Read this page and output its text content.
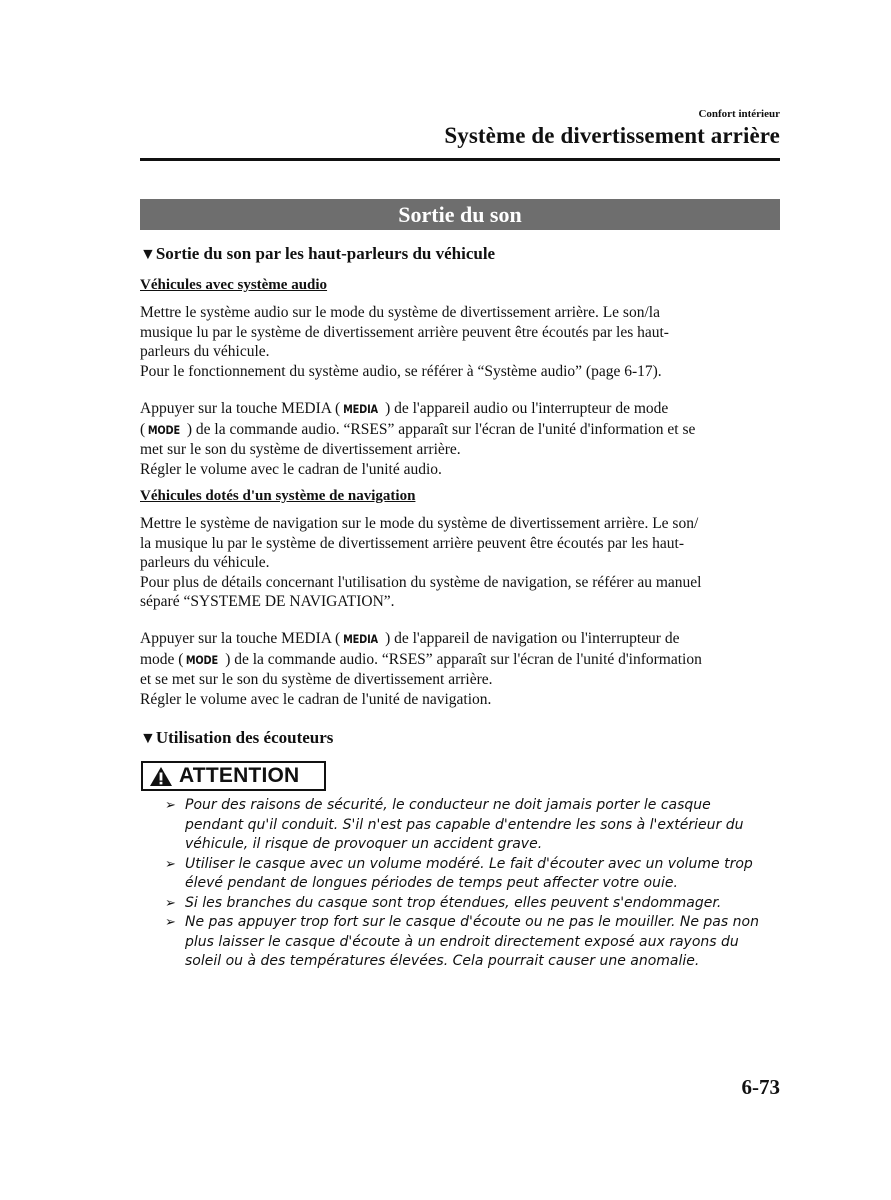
Confort intérieur
Système de divertissement arrière
Sortie du son
▼Sortie du son par les haut-parleurs du véhicule
Véhicules avec système audio

Mettre le système audio sur le mode du système de divertissement arrière. Le son/la

musique lu par le système de divertissement arrière peuvent être écoutés par les haut-

parleurs du véhicule.

Pour le fonctionnement du système audio, se référer à “Système audio” (page 6-17).

Appuyer sur la touche MEDIA ( MEDIA ) de l'appareil audio ou l'interrupteur de mode

( MODE ) de la commande audio. “RSES” apparaît sur l'écran de l'unité d'information et se

met sur le son du système de divertissement arrière.

Régler le volume avec le cadran de l'unité audio.

Véhicules dotés d'un système de navigation

Mettre le système de navigation sur le mode du système de divertissement arrière. Le son/

la musique lu par le système de divertissement arrière peuvent être écoutés par les haut-

parleurs du véhicule.

Pour plus de détails concernant l'utilisation du système de navigation, se référer au manuel

séparé “SYSTEME DE NAVIGATION”.

Appuyer sur la touche MEDIA ( MEDIA ) de l'appareil de navigation ou l'interrupteur de

mode ( MODE ) de la commande audio. “RSES” apparaît sur l'écran de l'unité d'information

et se met sur le son du système de divertissement arrière.

Régler le volume avec le cadran de l'unité de navigation.

▼Utilisation des écouteurs
ATTENTION
➢ Pour des raisons de sécurité, le conducteur ne doit jamais porter le casque
pendant qu'il conduit. S'il n'est pas capable d'entendre les sons à l'extérieur du
véhicule, il risque de provoquer un accident grave.
➢ Utiliser le casque avec un volume modéré. Le fait d'écouter avec un volume trop
élevé pendant de longues périodes de temps peut affecter votre ouie.
➢ Si les branches du casque sont trop étendues, elles peuvent s'endommager.
➢ Ne pas appuyer trop fort sur le casque d'écoute ou ne pas le mouiller. Ne pas non
plus laisser le casque d'écoute à un endroit directement exposé aux rayons du
soleil ou à des températures élevées. Cela pourrait causer une anomalie.
6-73
